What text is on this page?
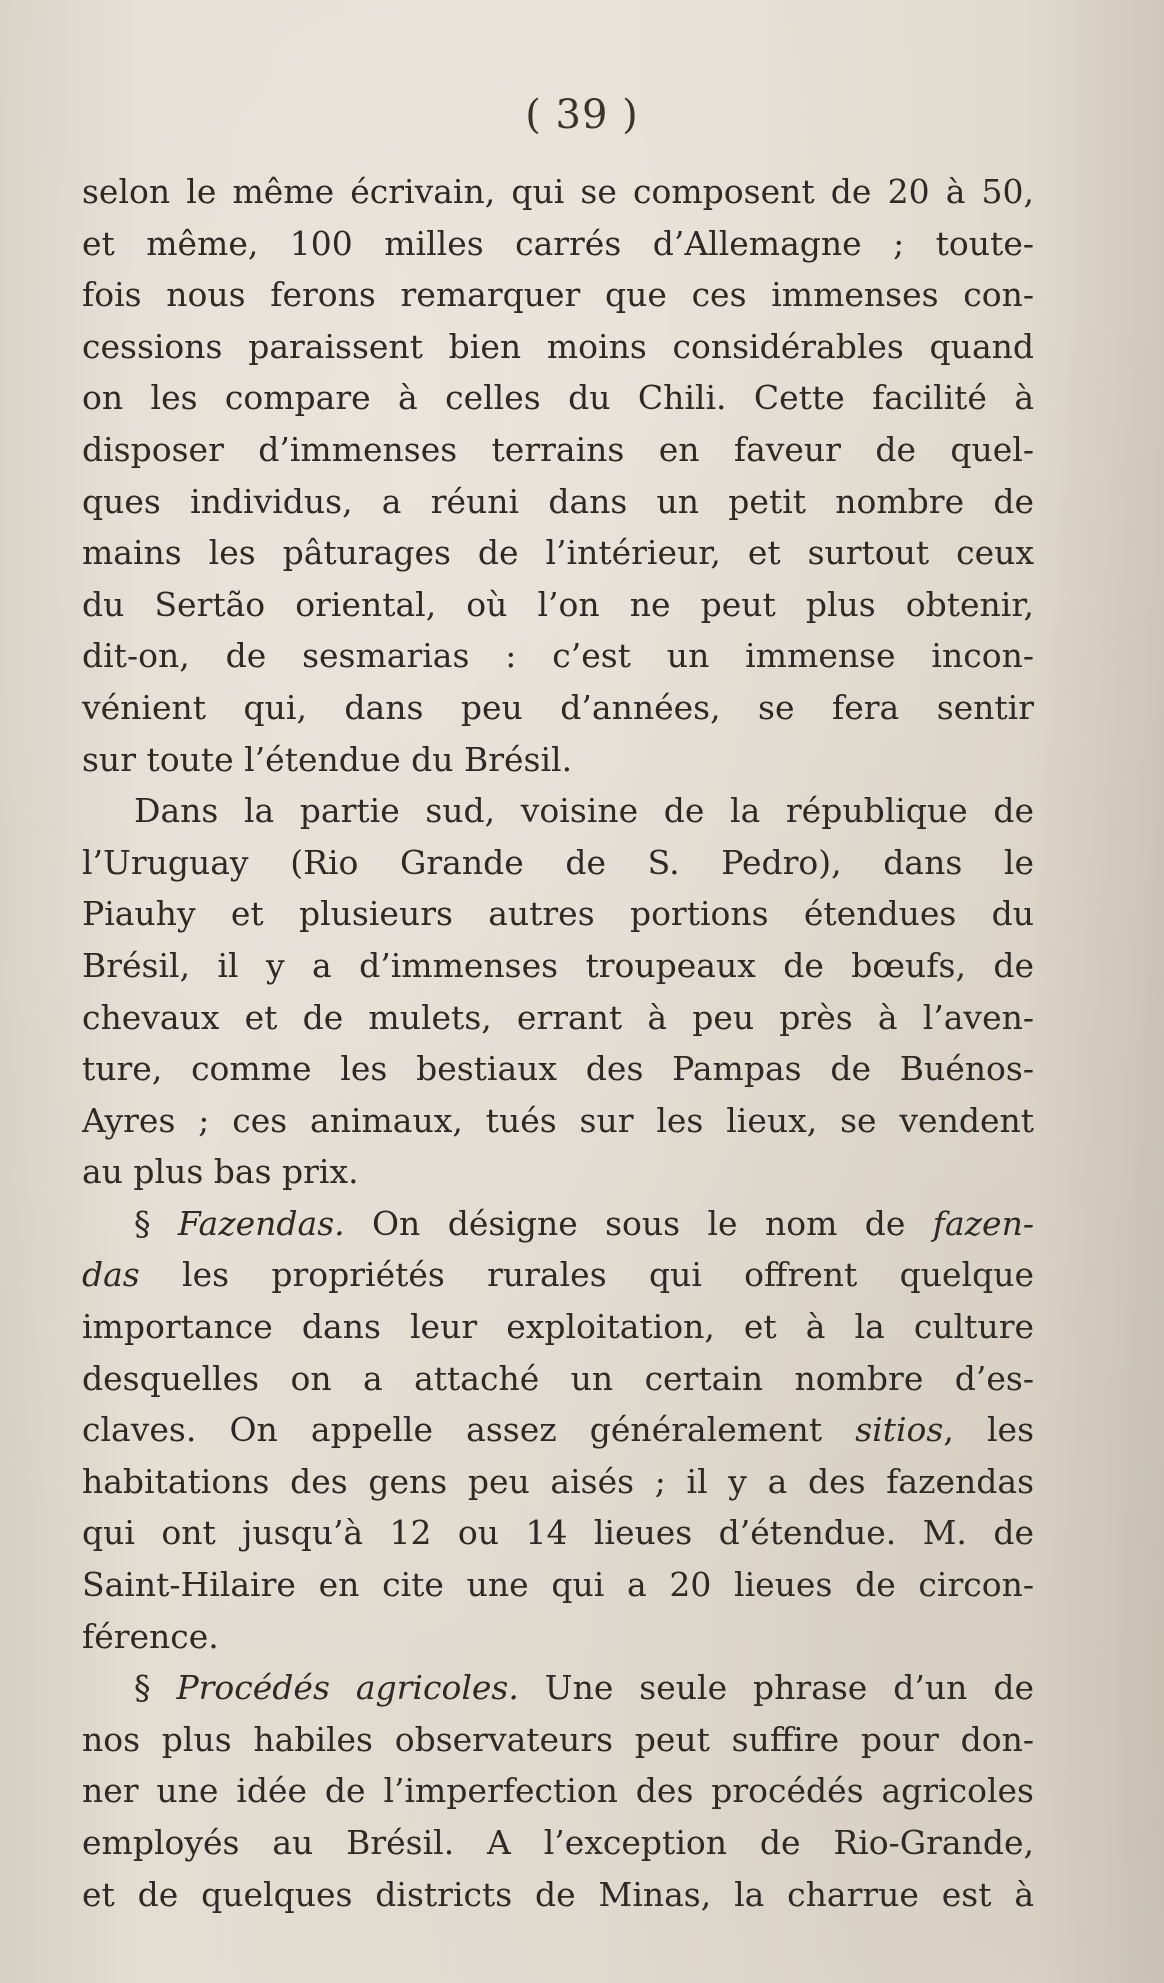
( 39 )
selon le même écrivain, qui se composent de 20 à 50,
et même, 100 milles carrés d’Allemagne ; toute-
fois nous ferons remarquer que ces immenses con-
cessions paraissent bien moins considérables quand
on les compare à celles du Chili. Cette facilité à
disposer d’immenses terrains en faveur de quel-
ques individus, a réuni dans un petit nombre de
mains les pâturages de l’intérieur, et surtout ceux
du Sertão oriental, où l’on ne peut plus obtenir,
dit-on, de sesmarias : c’est un immense incon-
vénient qui, dans peu d’années, se fera sentir
sur toute l’étendue du Brésil.
Dans la partie sud, voisine de la république de
l’Uruguay (Rio Grande de S. Pedro), dans le
Piauhy et plusieurs autres portions étendues du
Brésil, il y a d’immenses troupeaux de bœufs, de
chevaux et de mulets, errant à peu près à l’aven-
ture, comme les bestiaux des Pampas de Buénos-
Ayres ; ces animaux, tués sur les lieux, se vendent
au plus bas prix.
§ Fazendas. On désigne sous le nom de fazen-
das les propriétés rurales qui offrent quelque
importance dans leur exploitation, et à la culture
desquelles on a attaché un certain nombre d’es-
claves. On appelle assez généralement sitios, les
habitations des gens peu aisés ; il y a des fazendas
qui ont jusqu’à 12 ou 14 lieues d’étendue. M. de
Saint-Hilaire en cite une qui a 20 lieues de circon-
férence.
§ Procédés agricoles. Une seule phrase d’un de
nos plus habiles observateurs peut suffire pour don-
ner une idée de l’imperfection des procédés agricoles
employés au Brésil. A l’exception de Rio-Grande,
et de quelques districts de Minas, la charrue est à
